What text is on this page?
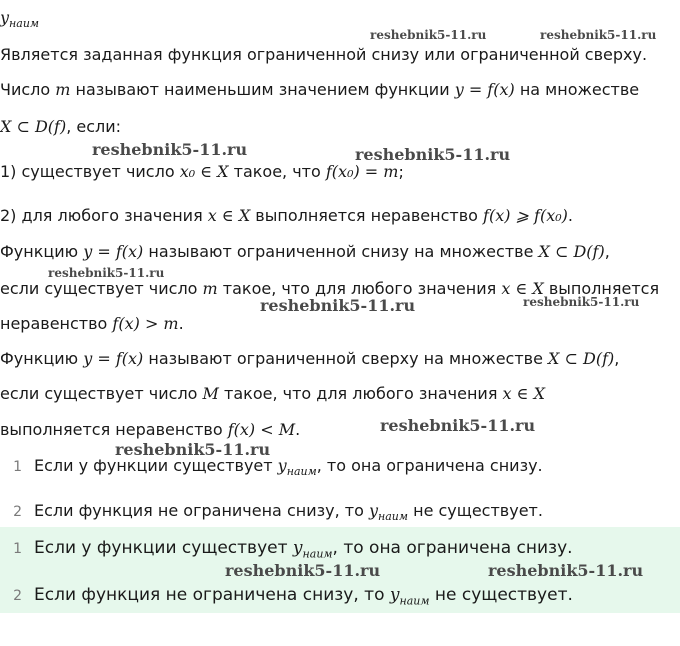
$y_{наим}$
Является заданная функция ограниченной снизу или ограниченной сверху.
Число m называют наименьшим значением функции y = f(x) на множестве
X ⊂ D(f), если:
1) существует число x₀ ∈ X такое, что f(x₀) = m;
2) для любого значения x ∈ X выполняется неравенство f(x) ⩾ f(x₀).
Функцию y = f(x) называют ограниченной снизу на множестве X ⊂ D(f),
если существует число m такое, что для любого значения x ∈ X выполняется
неравенство f(x) > m.
Функцию y = f(x) называют ограниченной сверху на множестве X ⊂ D(f),
если существует число M такое, что для любого значения x ∈ X
выполняется неравенство f(x) < M.
1 Если у функции существует $y_{наим}$, то она ограничена снизу.
2 Если функция не ограничена снизу, то $y_{наим}$ не существует.
1 Если у функции существует $y_{наим}$, то она ограничена снизу.
2 Если функция не ограничена снизу, то $y_{наим}$ не существует.
reshebnik5-11.ru	reshebnik5-11.ru
reshebnik5-11.ru	reshebnik5-11.ru
reshebnik5-11.ru
reshebnik5-11.ru	reshebnik5-11.ru
reshebnik5-11.ru
reshebnik5-11.ru
reshebnik5-11.ru	reshebnik5-11.ru
